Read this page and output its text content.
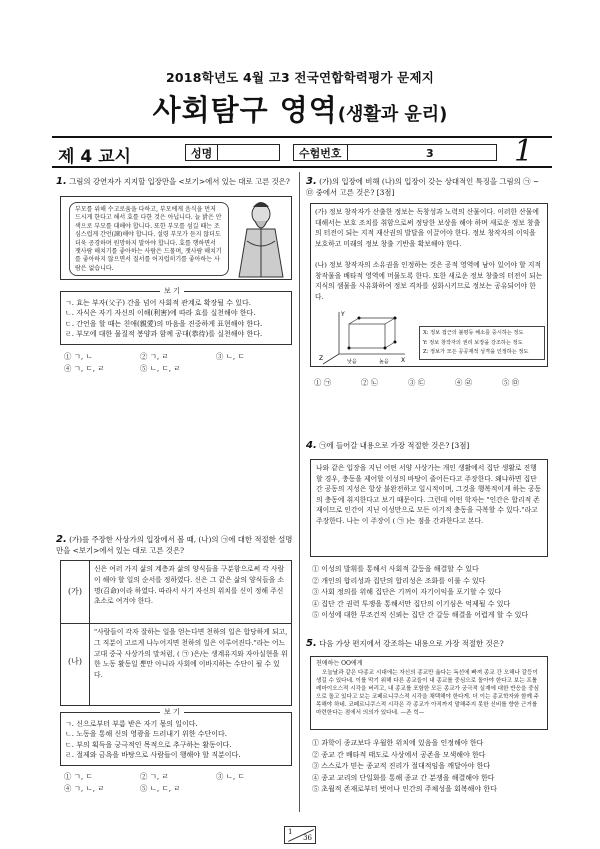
2018학년도 4월 고3 전국연합학력평가 문제지
사회탐구 영역(생활과 윤리)
제 4 교시	성명	수험번호	3	1
1. 그림의 강연자가 지지할 입장만을 <보기>에서 있는 대로 고른 것은?
부모를 위해 수고로움을 다하고, 부모에게 음식을 먼저 드시게 한다고 해서 효를 다한 것은 아닙니다. 늘 밝은 안색으로 부모를 대해야 합니다. 또한 부모를 섬길 때는 조심스럽게 간언(諫)해야 합니다. 설령 부모가 듣지 않더도 더욱 공경하며 원망하지 말아야 합니다. 효를 행하면서 잿사람 해치기를 좋아하는 사람은 드물며, 잿사람 해치기를 좋아하지 않으면서 질서를 어지럽히기를 좋아하는 사람은 없습니다.
ㄱ. 효는 부자(父子) 간을 넘어 사회적 관계로 확장될 수 있다.
ㄴ. 자식은 자기 자신의 이해(利害)에 따라 효를 실천해야 한다.
ㄷ. 간언을 할 때는 친애(親愛)의 마음을 진중하게 표현해야 한다.
ㄹ. 부모에 대한 물질적 봉양과 함께 공대(恭待)를 실천해야 한다.
보 기
① ㄱ, ㄴ	② ㄱ, ㄹ	③ ㄴ, ㄷ
④ ㄱ, ㄷ, ㄹ	⑤ ㄴ, ㄷ, ㄹ
2. (가)를 주장한 사상가의 입장에서 볼 때, (나)의 ㉠에 대한 적절한 설명만을 <보기>에서 있는 대로 고른 것은?
(가)
신은 여러 가지 삶의 계층과 삶의 양식들을 구분함으로써 각 사람이 해야 할 일의 순서를 정하였다. 신은 그 같은 삶의 양식들을 소명(召命)이라 하였다. 따라서 사기 자신의 위치를 신이 정해 주신 초소로 여겨야 한다.
(나)
"사람들이 각자 잘하는 일을 얻는다면 천하의 일은 합당하게 되고, 그 직분이 고르게 나누어지면 천하의 일은 이루어진다."라는 어느 고대 중국 사상가의 말처럼, ( ㉠ )은/는 생계유지와 자아실현을 위한 노동 활동일 뿐만 아니라 사회에 이바지하는 수단이 될 수 있다.
ㄱ. 신으로부터 부름 받은 자기 몫의 일이다.
ㄴ. 노동을 통해 신의 영광을 드러내기 위한 수단이다.
ㄷ. 부의 획득을 궁극적인 목적으로 추구하는 활동이다.
ㄹ. 절제와 금욕을 바탕으로 사람들이 행해야 할 직분이다.
보 기
① ㄱ, ㄷ	② ㄱ, ㄹ	③ ㄴ, ㄷ
④ ㄱ, ㄴ, ㄹ	⑤ ㄴ, ㄷ, ㄹ
3. (가)의 입장에 비해 (나)의 입장이 갖는 상대적인 특징을 그림의 ㉠ ~ ㉤ 중에서 고른 것은? [3점]
(가) 정보 창작자가 산출한 정보는 독창성과 노력의 산물이다. 이러한 산물에 대해서는 보호 조치를 취함으로써 정당한 보상을 해야 하며 새로운 정보 창출의 터전이 되는 지적 재산권의 발달을 이끌어야 한다. 정보 창작자의 이익을 보호하고 미래의 정보 창출 기반을 확보해야 한다.
(나) 정보 창작자의 소유권을 인정하는 것은 공적 영역에 남아 있어야 할 지적 창작물을 배타적 영역에 머물도록 한다. 또한 새로운 정보 창출의 터전이 되는 지식의 샘물을 사유화하여 정보 격차를 심화시키므로 정보는 공유되어야 한다.
Y
X
Z	낮음	높음
X: 정보 접근의 불평등 해소를 중시하는 정도
Y: 정보 창작자의 권리 보장을 강조하는 정도
Z: 정보가 모든 공공재적 성격을 인정하는 정도
① ㉠	② ㉡	③ ㉢	④ ㉣	⑤ ㉤
4. ㉠에 들어갈 내용으로 가장 적절한 것은? [3점]
나와 같은 입장을 지닌 어떤 서양 사상가는 개인 생활에서 집단 생활로 진행할 경우, 충동을 제어할 이성의 바탕이 줄어든다고 주장한다. 왜냐하면 집단 간 공동의 지성은 항상 불완전하고 일시적이며, 그것을 행복적이게 하는 공동의 충동에 취지한다고 보기 때문이다. 그런데 어떤 학자는 "인간은 합리적 존재이므로 인간이 지닌 이성만으로 모든 이기적 충동을 극복할 수 있다."라고 주장한다. 나는 이 주장이 ( ㉠ )는 점을 간과한다고 본다.
① 이성의 발휘를 통해서 사회적 갈등을 해결할 수 있다
② 개인의 합리성과 집단의 합리성은 조화를 이룰 수 있다
③ 사회 정의를 위해 집단은 기꺼이 자기이익을 포기할 수 있다
④ 집단 간 권력 투쟁을 통해서만 집단의 이기심은 억제될 수 있다
⑤ 이성에 대한 무조건적 신뢰는 집단 간 갈등 해결을 어렵게 할 수 있다
5. 다음 가상 편지에서 강조하는 내용으로 가장 적절한 것은?
친애하는 OO에게
오늘날과 같은 다종교 시대에는 자신의 종교만 옳다는 독선에 빠져 종교 간 오해나 갈등이 생길 수 있다네. 이를 막기 위해 다른 종교들이 내 종교를 중심으로 돌아야 한다고 보는 프톨레마이오스적 시각을 버리고, 내 종교를 포함한 모든 종교가 궁극적 실재에 대한 반응을 중심으로 돌고 있다고 보는 코페르니쿠스적 시각을 채택해야 한다게. 더 이는 종교학자와 함께 주목해야 하네. 코페르니쿠스적 시각은 각 종교가 아직까지 말해주지 못한 신비를 향한 근거를 마련한다는 점에서 의의가 있다네. —존 힉—
① 과학이 종교보다 우월한 위치에 있음을 인정해야 한다
② 종교 간 배타적 태도로 사상에서 공존을 모색해야 한다
③ 스스로가 믿는 종교적 진리가 절대적임을 깨달아야 한다
④ 종교 교리의 단일화를 통해 종교 간 분쟁을 해결해야 한다
⑤ 초월적 존재로부터 벗어나 인간의 주체성을 회복해야 한다
1
36
